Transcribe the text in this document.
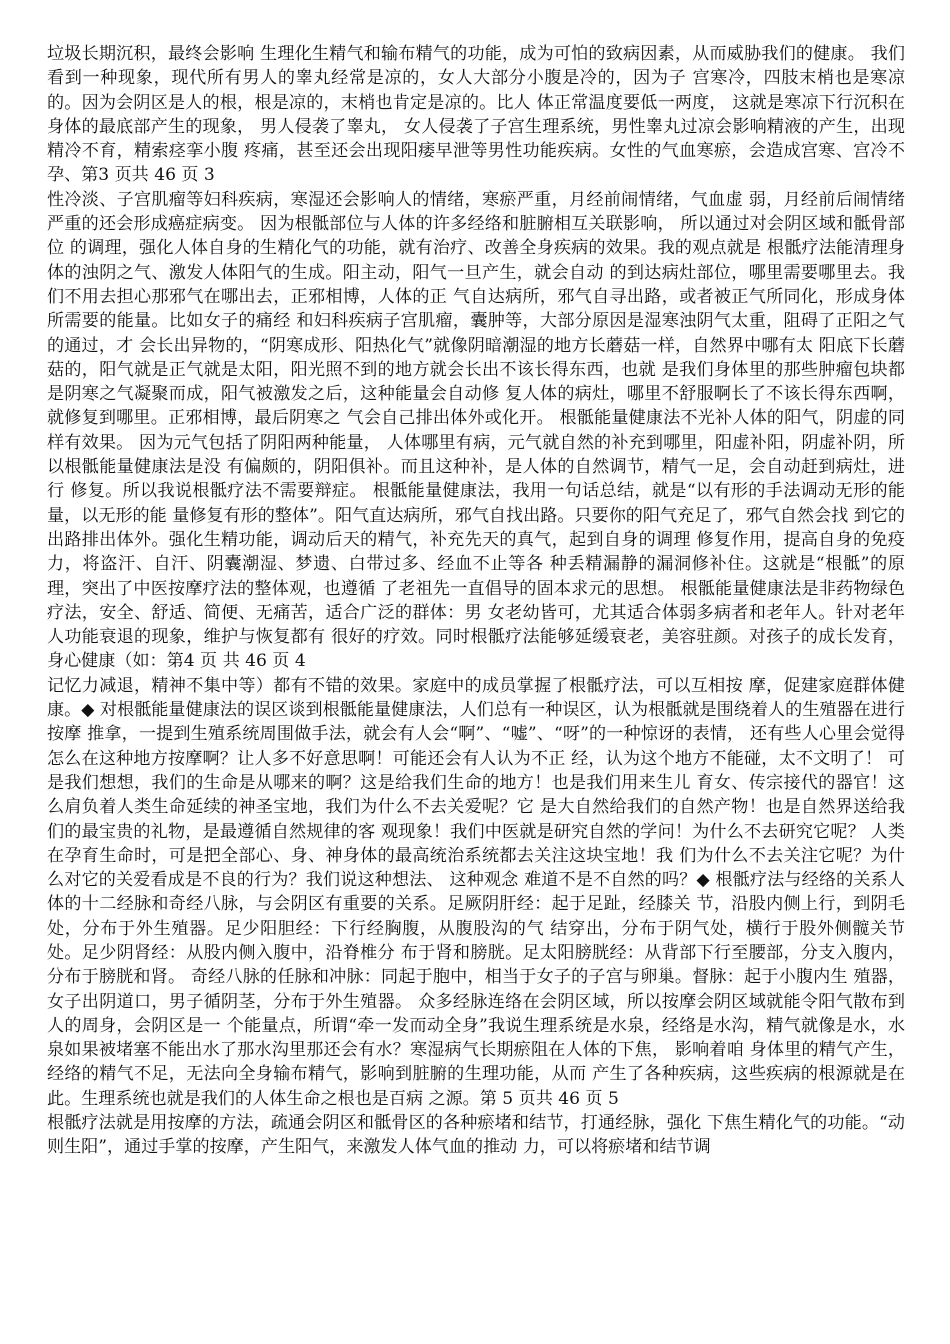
垃圾长期沉积，最终会影响 生理化生精气和输布精气的功能，成为可怕的致病因素，从而威胁我们的健康。 我们看到一种现象，现代所有男人的睾丸经常是凉的，女人大部分小腹是冷的，因为子 宫寒冷，四肢末梢也是寒凉的。因为会阴区是人的根，根是凉的，末梢也肯定是凉的。比人 体正常温度要低一两度， 这就是寒凉下行沉积在身体的最底部产生的现象， 男人侵袭了睾丸， 女人侵袭了子宫生理系统，男性睾丸过凉会影响精液的产生，出现精冷不育，精索痉挛小腹 疼痛，甚至还会出现阳痿早泄等男性功能疾病。女性的气血寒瘀，会造成宫寒、宫冷不孕、第3 页共 46 页 3

性冷淡、子宫肌瘤等妇科疾病，寒湿还会影响人的情绪，寒瘀严重，月经前闹情绪，气血虚 弱，月经前后闹情绪严重的还会形成癌症病变。 因为根骶部位与人体的许多经络和脏腑相互关联影响， 所以通过对会阴区域和骶骨部位 的调理，强化人体自身的生精化气的功能，就有治疗、改善全身疾病的效果。我的观点就是 根骶疗法能清理身体的浊阴之气、激发人体阳气的生成。阳主动，阳气一旦产生，就会自动 的到达病灶部位，哪里需要哪里去。我们不用去担心那邪气在哪出去，正邪相博，人体的正 气自达病所，邪气自寻出路，或者被正气所同化，形成身体所需要的能量。比如女子的痛经 和妇科疾病子宫肌瘤，囊肿等，大部分原因是湿寒浊阴气太重，阻碍了正阳之气的通过，才 会长出异物的，“阴寒成形、阳热化气”就像阴暗潮湿的地方长蘑菇一样，自然界中哪有太 阳底下长蘑菇的，阳气就是正气就是太阳，阳光照不到的地方就会长出不该长得东西，也就 是我们身体里的那些肿瘤包块都是阴寒之气凝聚而成，阳气被激发之后，这种能量会自动修 复人体的病灶，哪里不舒服啊长了不该长得东西啊，就修复到哪里。正邪相博，最后阴寒之 气会自己排出体外或化开。 根骶能量健康法不光补人体的阳气，阴虚的同样有效果。 因为元气包括了阴阳两种能量， 人体哪里有病，元气就自然的补充到哪里，阳虚补阳，阴虚补阴，所以根骶能量健康法是没 有偏颇的，阴阳俱补。而且这种补，是人体的自然调节，精气一足，会自动赶到病灶，进行 修复。所以我说根骶疗法不需要辩症。 根骶能量健康法，我用一句话总结，就是“以有形的手法调动无形的能量，以无形的能 量修复有形的整体”。阳气直达病所，邪气自找出路。只要你的阳气充足了，邪气自然会找 到它的出路排出体外。强化生精功能，调动后天的精气，补充先天的真气，起到自身的调理 修复作用，提高自身的免疫力，将盗汗、自汗、阴囊潮湿、梦遗、白带过多、经血不止等各 种丢精漏静的漏洞修补住。这就是“根骶”的原理，突出了中医按摩疗法的整体观，也遵循 了老祖先一直倡导的固本求元的思想。 根骶能量健康法是非药物绿色疗法，安全、舒适、简便、无痛苦，适合广泛的群体：男 女老幼皆可，尤其适合体弱多病者和老年人。针对老年人功能衰退的现象，维护与恢复都有 很好的疗效。同时根骶疗法能够延缓衰老，美容驻颜。对孩子的成长发育，身心健康（如：第4 页 共 46 页 4

记忆力减退，精神不集中等）都有不错的效果。家庭中的成员掌握了根骶疗法，可以互相按 摩，促建家庭群体健康。◆ 对根骶能量健康法的误区谈到根骶能量健康法，人们总有一种误区，认为根骶就是围绕着人的生殖器在进行按摩 推拿，一提到生殖系统周围做手法，就会有人会“啊”、“嘘”、“呀”的一种惊讶的表情， 还有些人心里会觉得怎么在这种地方按摩啊？让人多不好意思啊！可能还会有人认为不正 经，认为这个地方不能碰，太不文明了！ 可是我们想想，我们的生命是从哪来的啊？这是给我们生命的地方！也是我们用来生儿 育女、传宗接代的器官！这么肩负着人类生命延续的神圣宝地，我们为什么不去关爱呢？它 是大自然给我们的自然产物！也是自然界送给我们的最宝贵的礼物，是最遵循自然规律的客 观现象！我们中医就是研究自然的学问！为什么不去研究它呢？ 人类在孕育生命时，可是把全部心、身、神身体的最高统治系统都去关注这块宝地！我 们为什么不去关注它呢？为什么对它的关爱看成是不良的行为？我们说这种想法、 这种观念 难道不是不自然的吗？◆ 根骶疗法与经络的关系人体的十二经脉和奇经八脉，与会阴区有重要的关系。足厥阴肝经：起于足趾，经膝关 节，沿股内侧上行，到阴毛处，分布于外生殖器。足少阳胆经：下行经胸腹，从腹股沟的气 结穿出，分布于阴气处，横行于股外侧髋关节处。足少阴肾经：从股内侧入腹中，沿脊椎分 布于肾和膀胱。足太阳膀胱经：从背部下行至腰部，分支入腹内，分布于膀胱和肾。 奇经八脉的任脉和冲脉：同起于胞中，相当于女子的子宫与卵巢。督脉：起于小腹内生 殖器，女子出阴道口，男子循阴茎，分布于外生殖器。 众多经脉连络在会阴区域，所以按摩会阴区域就能令阳气散布到人的周身，会阴区是一 个能量点，所谓“牵一发而动全身”我说生理系统是水泉，经络是水沟，精气就像是水，水 泉如果被堵塞不能出水了那水沟里那还会有水？寒湿病气长期瘀阻在人体的下焦， 影响着咱 身体里的精气产生，经络的精气不足，无法向全身输布精气，影响到脏腑的生理功能，从而 产生了各种疾病，这些疾病的根源就是在此。生理系统也就是我们的人体生命之根也是百病 之源。第 5 页共 46 页 5

根骶疗法就是用按摩的方法，疏通会阴区和骶骨区的各种瘀堵和结节，打通经脉，强化 下焦生精化气的功能。“动则生阳”，通过手掌的按摩，产生阳气，来激发人体气血的推动 力，可以将瘀堵和结节调
